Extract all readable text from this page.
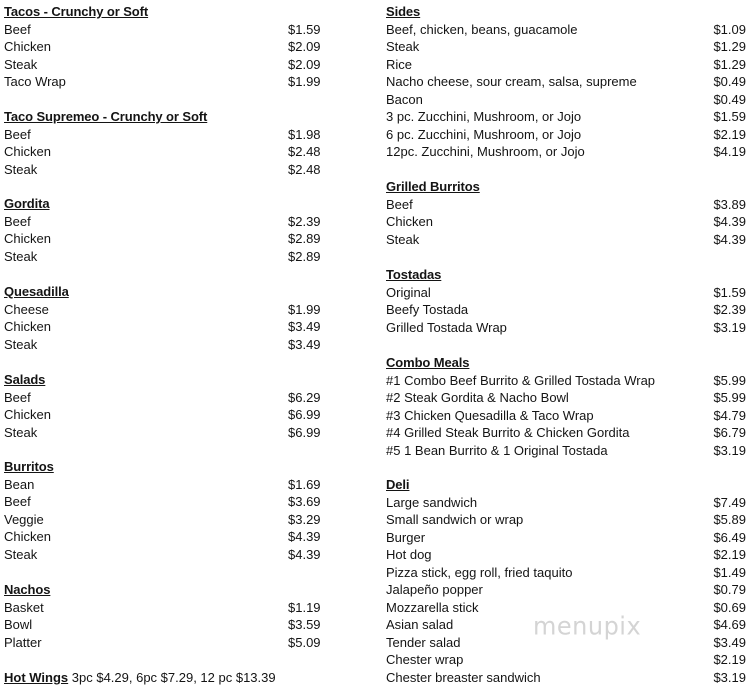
Tacos - Crunchy or Soft
Beef	$1.59
Chicken	$2.09
Steak	$2.09
Taco Wrap	$1.99
Taco Supremeo - Crunchy or Soft
Beef	$1.98
Chicken	$2.48
Steak	$2.48
Gordita
Beef	$2.39
Chicken	$2.89
Steak	$2.89
Quesadilla
Cheese	$1.99
Chicken	$3.49
Steak	$3.49
Salads
Beef	$6.29
Chicken	$6.99
Steak	$6.99
Burritos
Bean	$1.69
Beef	$3.69
Veggie	$3.29
Chicken	$4.39
Steak	$4.39
Nachos
Basket	$1.19
Bowl	$3.59
Platter	$5.09
Sides
Beef, chicken, beans, guacamole	$1.09
Steak	$1.29
Rice	$1.29
Nacho cheese, sour cream, salsa, supreme	$0.49
Bacon	$0.49
3 pc. Zucchini, Mushroom, or Jojo	$1.59
6 pc. Zucchini, Mushroom, or Jojo	$2.19
12pc. Zucchini, Mushroom, or Jojo	$4.19
Grilled Burritos
Beef	$3.89
Chicken	$4.39
Steak	$4.39
Tostadas
Original	$1.59
Beefy Tostada	$2.39
Grilled Tostada Wrap	$3.19
Combo Meals
#1 Combo Beef Burrito & Grilled Tostada Wrap	$5.99
#2 Steak Gordita & Nacho Bowl	$5.99
#3 Chicken Quesadilla & Taco Wrap	$4.79
#4 Grilled Steak Burrito & Chicken Gordita	$6.79
#5 1 Bean Burrito & 1 Original Tostada	$3.19
Deli
Large sandwich	$7.49
Small sandwich or wrap	$5.89
Burger	$6.49
Hot dog	$2.19
Pizza stick, egg roll, fried taquito	$1.49
Jalapeño popper	$0.79
Mozzarella stick	$0.69
Asian salad	$4.69
Tender salad	$3.49
Chester wrap	$2.19
Chester breaster sandwich	$3.19
Hot Wings 3pc $4.29, 6pc $7.29, 12 pc $13.39
menupix
